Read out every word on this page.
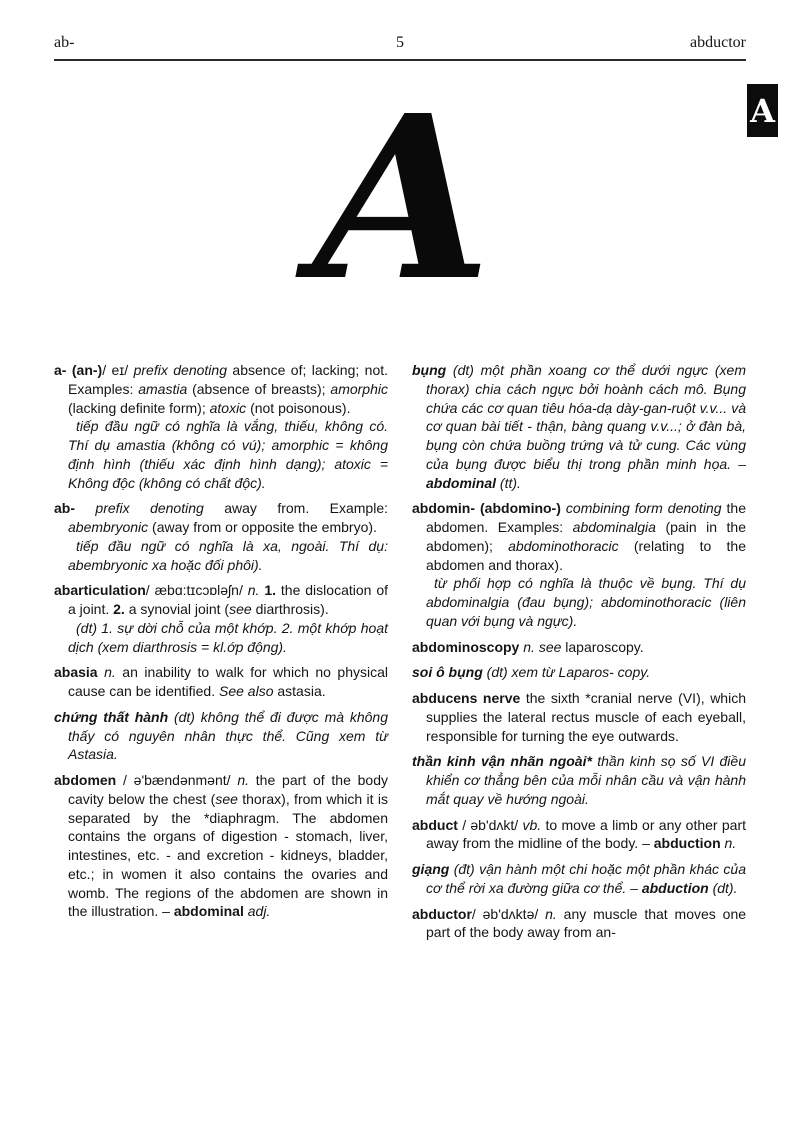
ab-	5	abductor
A

a- (an-)/ eɪ/ prefix denoting absence of; lacking; not. Examples: amastia (absence of breasts); amorphic (lacking definite form); atoxic (not poisonous).

tiếp đầu ngữ có nghĩa là vắng, thiếu, không có. Thí dụ amastia (không có vú); amorphic = không định hình (thiếu xác định hình dạng); atoxic = Không độc (không có chất độc).

ab- prefix denoting away from. Example: abembryonic (away from or opposite the embryo).

tiếp đầu ngữ có nghĩa là xa, ngoài. Thí dụ: abembryonic xa hoặc đối phôi).

abarticulation/ æbɑ:tɪcɔɒləʃn/ n. 1. the dislocation of a joint. 2. a synovial joint (see diarthrosis).

(dt) 1. sự dời chỗ của một khớp. 2. một khớp hoạt dịch (xem diarthrosis = kl.ớp động).

abasia n. an inability to walk for which no physical cause can be identified. See also astasia.

chứng thất hành (dt) không thể đi được mà không thấy có nguyên nhân thực thể. Cũng xem từ Astasia.

abdomen / ə'bændənmənt/ n. the part of the body cavity below the chest (see thorax), from which it is separated by the *diaphragm. The abdomen contains the organs of digestion - stomach, liver, intestines, etc. - and excretion - kidneys, bladder, etc.; in women it also contains the ovaries and womb. The regions of the abdomen are shown in the illustration. – abdominal adj.

bụng (dt) một phần xoang cơ thể dưới ngực (xem thorax) chia cách ngực bởi hoành cách mô. Bụng chứa các cơ quan tiêu hóa-dạ dày-gan-ruột v.v... và cơ quan bài tiết - thận, bàng quang v.v...; ở đàn bà, bụng còn chứa buồng trứng và tử cung. Các vùng của bụng được biểu thị trong phần minh họa. – abdominal (tt).

abdomin- (abdomino-) combining form denoting the abdomen. Examples: abdominalgia (pain in the abdomen); abdominothoracic (relating to the abdomen and thorax).

từ phối hợp có nghĩa là thuộc về bụng. Thí dụ abdominalgia (đau bụng); abdominothoracic (liên quan với bụng và ngực).

abdominoscopy n. see laparoscopy.

soi ô bụng (dt) xem từ Laparos- copy.

abducens nerve the sixth *cranial nerve (VI), which supplies the lateral rectus muscle of each eyeball, responsible for turning the eye outwards.

thần kinh vận nhãn ngoài* thần kinh sọ số VI điều khiển cơ thẳng bên của mỗi nhân cầu và vận hành mắt quay về hướng ngoài.

abduct / əb'dʌkt/ vb. to move a limb or any other part away from the midline of the body. – abduction n.

giạng (đt) vận hành một chi hoặc một phần khác của cơ thể rời xa đường giữa cơ thể. – abduction (dt).

abductor/ əb'dʌktə/ n. any muscle that moves one part of the body away from an-

A
